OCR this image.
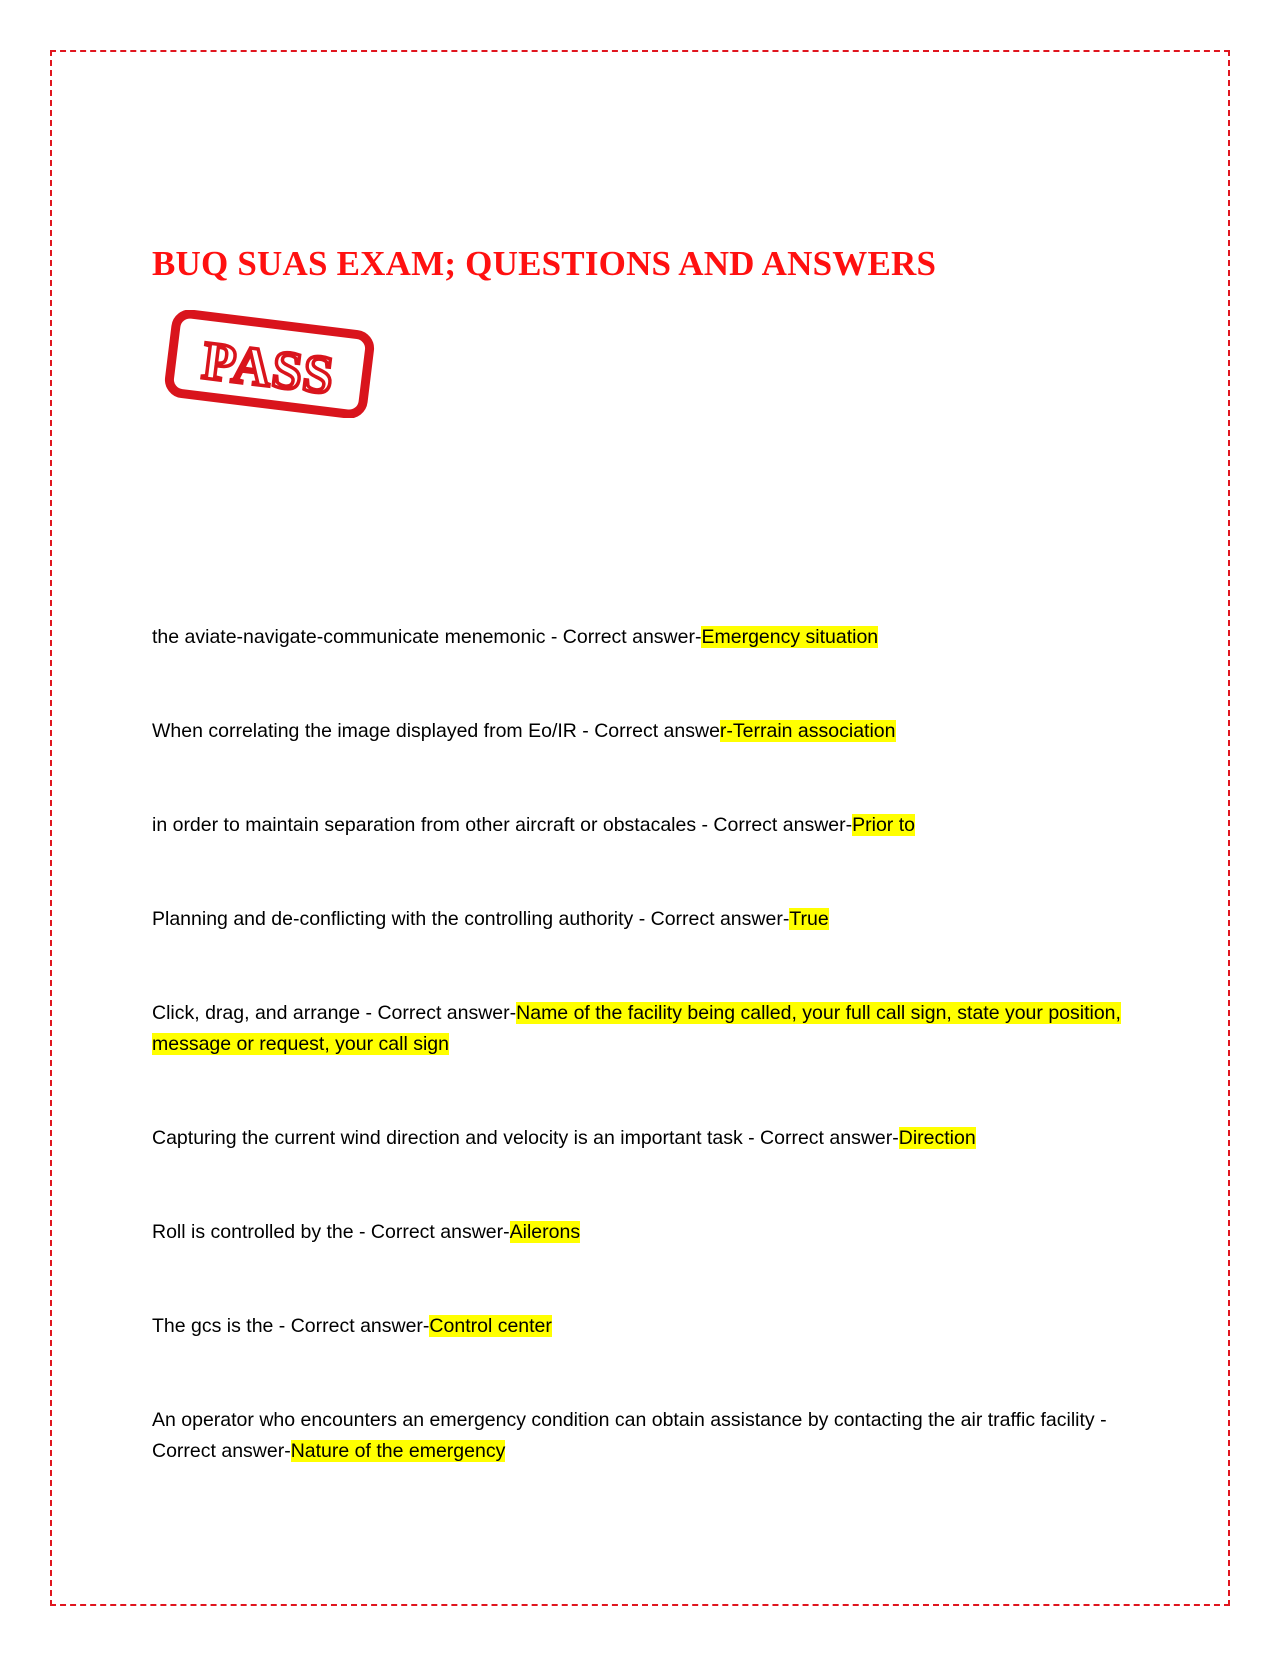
BUQ SUAS EXAM; QUESTIONS AND ANSWERS
PASS

the aviate-navigate-communicate menemonic - Correct answer-Emergency situation

When correlating the image displayed from Eo/IR - Correct answer-Terrain association

in order to maintain separation from other aircraft or obstacales - Correct answer-Prior to

Planning and de-conflicting with the controlling authority - Correct answer-True

Click, drag, and arrange - Correct answer-Name of the facility being called, your full call sign, state your position, message or request, your call sign

Capturing the current wind direction and velocity is an important task - Correct answer-Direction

Roll is controlled by the - Correct answer-Ailerons

The gcs is the - Correct answer-Control center

An operator who encounters an emergency condition can obtain assistance by contacting the air traffic facility - Correct answer-Nature of the emergency
